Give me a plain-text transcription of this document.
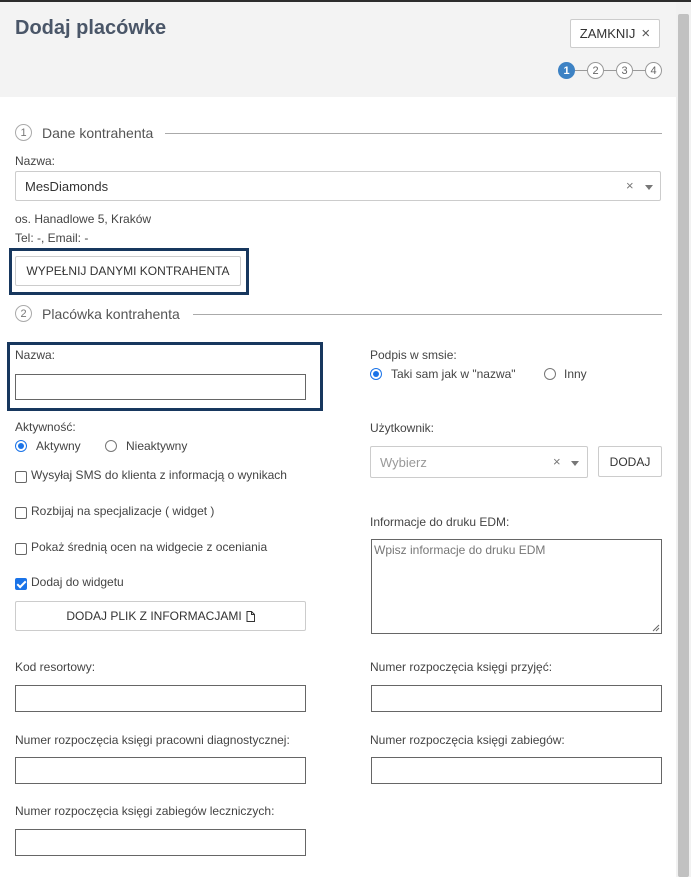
Dodaj placówke	ZAMKNIJ ×
1	2	3	4
1	Dane kontrahenta
Nazwa:
MesDiamonds	×
os. Hanadlowe 5, Kraków
Tel: -, Email: -
WYPEŁNIJ DANYMI KONTRAHENTA
2	Placówka kontrahenta
Nazwa:	Podpis w smsie:
Taki sam jak w "nazwa"	Inny
Aktywność:
Aktywny	Nieaktywny
Wysyłaj SMS do klienta z informacją o wynikach
Rozbijaj na specjalizacje ( widget )
Pokaż średnią ocen na widgecie z oceniania
Dodaj do widgetu
DODAJ PLIK Z INFORMACJAMI
Użytkownik:
Wybierz	×	DODAJ
Informacje do druku EDM:
Wpisz informacje do druku EDM
Kod resortowy:	Numer rozpoczęcia księgi przyjęć:
Numer rozpoczęcia księgi pracowni diagnostycznej:	Numer rozpoczęcia księgi zabiegów:
Numer rozpoczęcia księgi zabiegów leczniczych:
